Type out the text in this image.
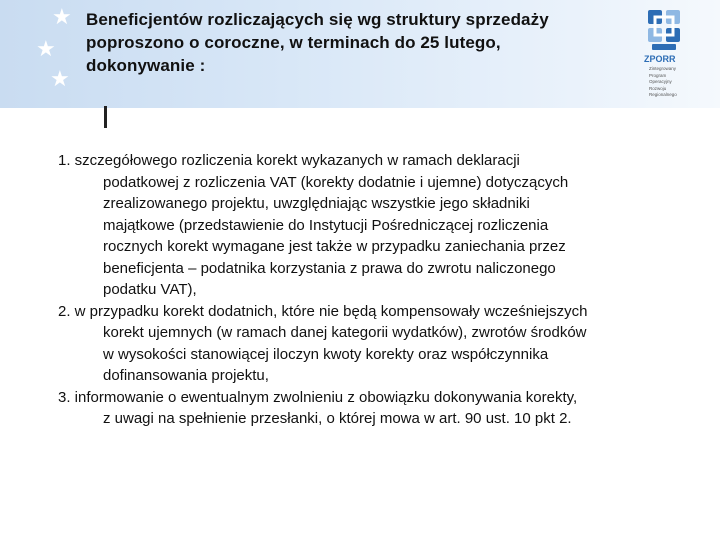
★
★
★
Beneficjentów rozliczających się wg struktury sprzedaży
poproszono o coroczne, w terminach do 25 lutego,
dokonywanie :	ZPORR
Zintegrowany
Program
Operacyjny
Rozwoju
Regionalnego
1. szczegółowego rozliczenia korekt wykazanych w ramach deklaracji
podatkowej z rozliczenia VAT (korekty dodatnie i ujemne) dotyczących
zrealizowanego projektu, uwzględniając wszystkie jego składniki
majątkowe (przedstawienie do Instytucji Pośredniczącej rozliczenia
rocznych korekt wymagane jest także w przypadku zaniechania przez
beneficjenta – podatnika korzystania z prawa do zwrotu naliczonego
podatku VAT),
2. w przypadku korekt dodatnich, które nie będą kompensowały wcześniejszych
korekt ujemnych (w ramach danej kategorii wydatków), zwrotów środków
w wysokości stanowiącej iloczyn kwoty korekty oraz współczynnika
dofinansowania projektu,
3. informowanie o ewentualnym zwolnieniu z obowiązku dokonywania korekty,
z uwagi na spełnienie przesłanki, o której mowa w art. 90 ust. 10 pkt 2.
